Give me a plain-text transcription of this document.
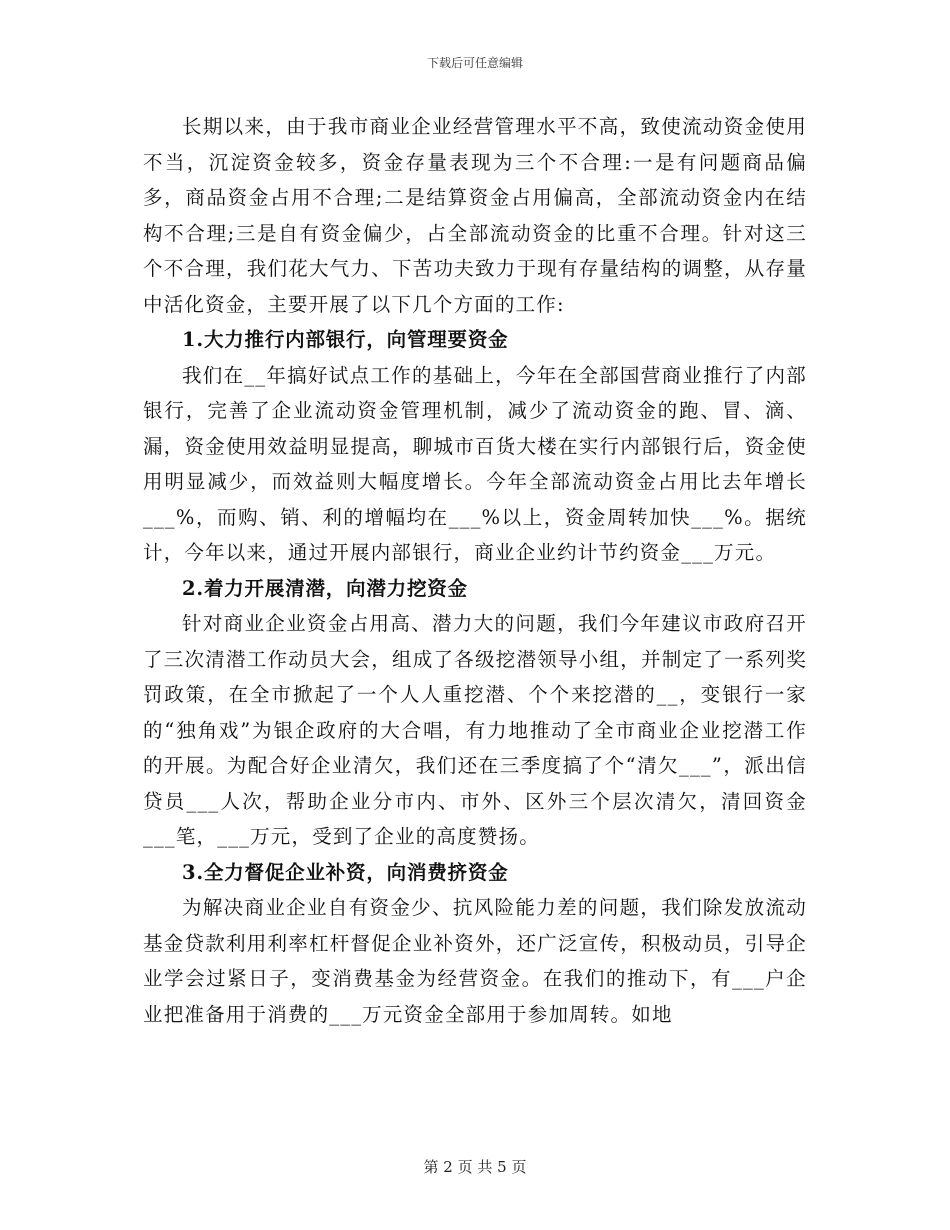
下载后可任意编辑

长期以来，由于我市商业企业经营管理水平不高，致使流动资金使用不当，沉淀资金较多，资金存量表现为三个不合理:一是有问题商品偏多，商品资金占用不合理;二是结算资金占用偏高，全部流动资金内在结构不合理;三是自有资金偏少，占全部流动资金的比重不合理。针对这三个不合理，我们花大气力、下苦功夫致力于现有存量结构的调整，从存量中活化资金，主要开展了以下几个方面的工作:

1.大力推行内部银行，向管理要资金

我们在__年搞好试点工作的基础上，今年在全部国营商业推行了内部银行，完善了企业流动资金管理机制，减少了流动资金的跑、冒、滴、漏，资金使用效益明显提高，聊城市百货大楼在实行内部银行后，资金使用明显减少，而效益则大幅度增长。今年全部流动资金占用比去年增长___%，而购、销、利的增幅均在___%以上，资金周转加快___%。据统计，今年以来，通过开展内部银行，商业企业约计节约资金___万元。

2.着力开展清潜，向潜力挖资金

针对商业企业资金占用高、潜力大的问题，我们今年建议市政府召开了三次清潜工作动员大会，组成了各级挖潜领导小组，并制定了一系列奖罚政策，在全市掀起了一个人人重挖潜、个个来挖潜的__，变银行一家的“独角戏”为银企政府的大合唱，有力地推动了全市商业企业挖潜工作的开展。为配合好企业清欠，我们还在三季度搞了个“清欠___”，派出信贷员___人次，帮助企业分市内、市外、区外三个层次清欠，清回资金___笔，___万元，受到了企业的高度赞扬。

3.全力督促企业补资，向消费挤资金

为解决商业企业自有资金少、抗风险能力差的问题，我们除发放流动基金贷款利用利率杠杆督促企业补资外，还广泛宣传，积极动员，引导企业学会过紧日子，变消费基金为经营资金。在我们的推动下，有___户企业把准备用于消费的___万元资金全部用于参加周转。如地

第 2 页 共 5 页
